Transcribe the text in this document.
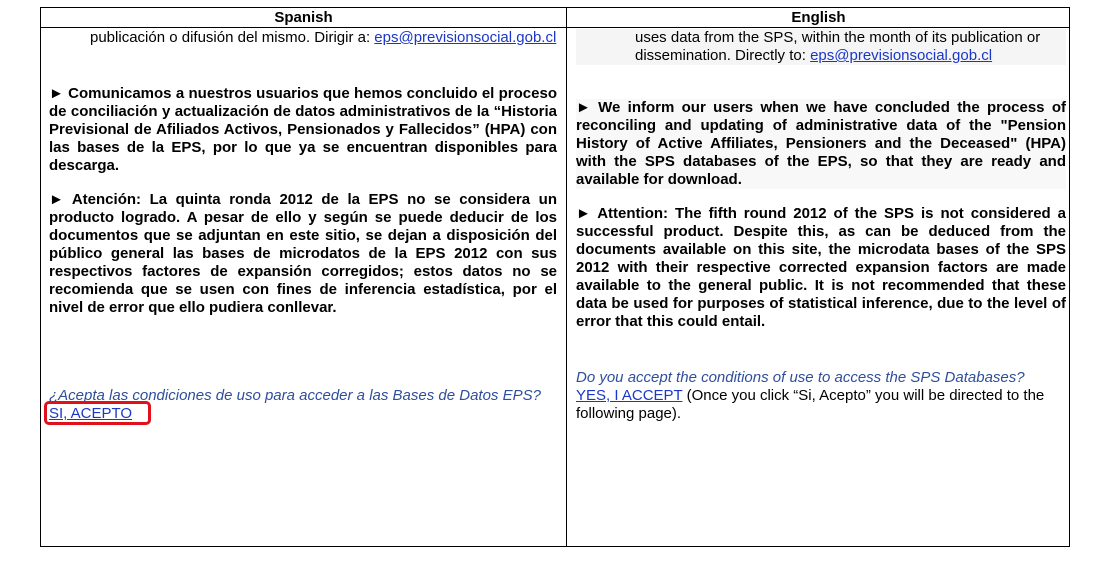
Spanish	English

publicación o difusión del mismo. Dirigir a: eps@previsionsocial.gob.cl

► Comunicamos a nuestros usuarios que hemos concluido el proceso de conciliación y actualización de datos administrativos de la “Historia Previsional de Afiliados Activos, Pensionados y Fallecidos” (HPA) con las bases de la EPS, por lo que ya se encuentran disponibles para descarga.

► Atención: La quinta ronda 2012 de la EPS no se considera un producto logrado. A pesar de ello y según se puede deducir de los documentos que se adjuntan en este sitio, se dejan a disposición del público general las bases de microdatos de la EPS 2012 con sus respectivos factores de expansión corregidos; estos datos no se recomienda que se usen con fines de inferencia estadística, por el nivel de error que ello pudiera conllevar.

¿Acepta las condiciones de uso para acceder a las Bases de Datos EPS?

SI, ACEPTO

uses data from the SPS, within the month of its publication or dissemination. Directly to: eps@previsionsocial.gob.cl

► We inform our users when we have concluded the process of reconciling and updating of administrative data of the "Pension History of Active Affiliates, Pensioners and the Deceased" (HPA) with the SPS databases of the EPS, so that they are ready and available for download.

► Attention: The fifth round 2012 of the SPS is not considered a successful product. Despite this, as can be deduced from the documents available on this site, the microdata bases of the SPS 2012 with their respective corrected expansion factors are made available to the general public. It is not recommended that these data be used for purposes of statistical inference, due to the level of error that this could entail.

Do you accept the conditions of use to access the SPS Databases?

YES, I ACCEPT (Once you click “Si, Acepto” you will be directed to the following page).
